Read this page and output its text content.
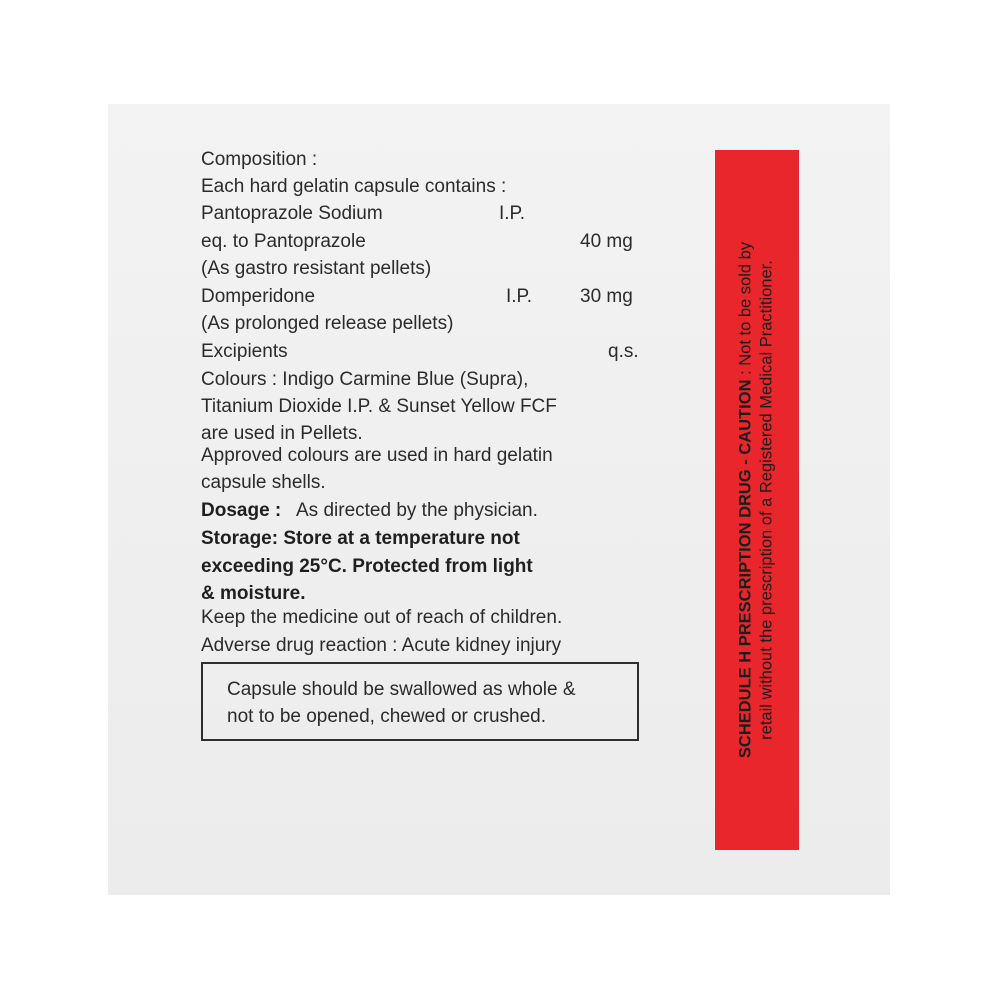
Composition :
Each hard gelatin capsule contains :
Pantoprazole Sodium	I.P.
eq. to Pantoprazole	40 mg
(As gastro resistant pellets)
Domperidone	I.P.	30 mg
(As prolonged release pellets)
Excipients	q.s.
Colours : Indigo Carmine Blue (Supra),
Titanium Dioxide I.P. & Sunset Yellow FCF
are used in Pellets.
Approved colours are used in hard gelatin
capsule shells.
Dosage : As directed by the physician.
Storage: Store at a temperature not
exceeding 25°C. Protected from light
& moisture.
Keep the medicine out of reach of children.
Adverse drug reaction : Acute kidney injury
Capsule should be swallowed as whole &
not to be opened, chewed or crushed.	SCHEDULE H PRESCRIPTION DRUG - CAUTION : Not to be sold by retail without the prescription of a Registered Medical Practitioner.
